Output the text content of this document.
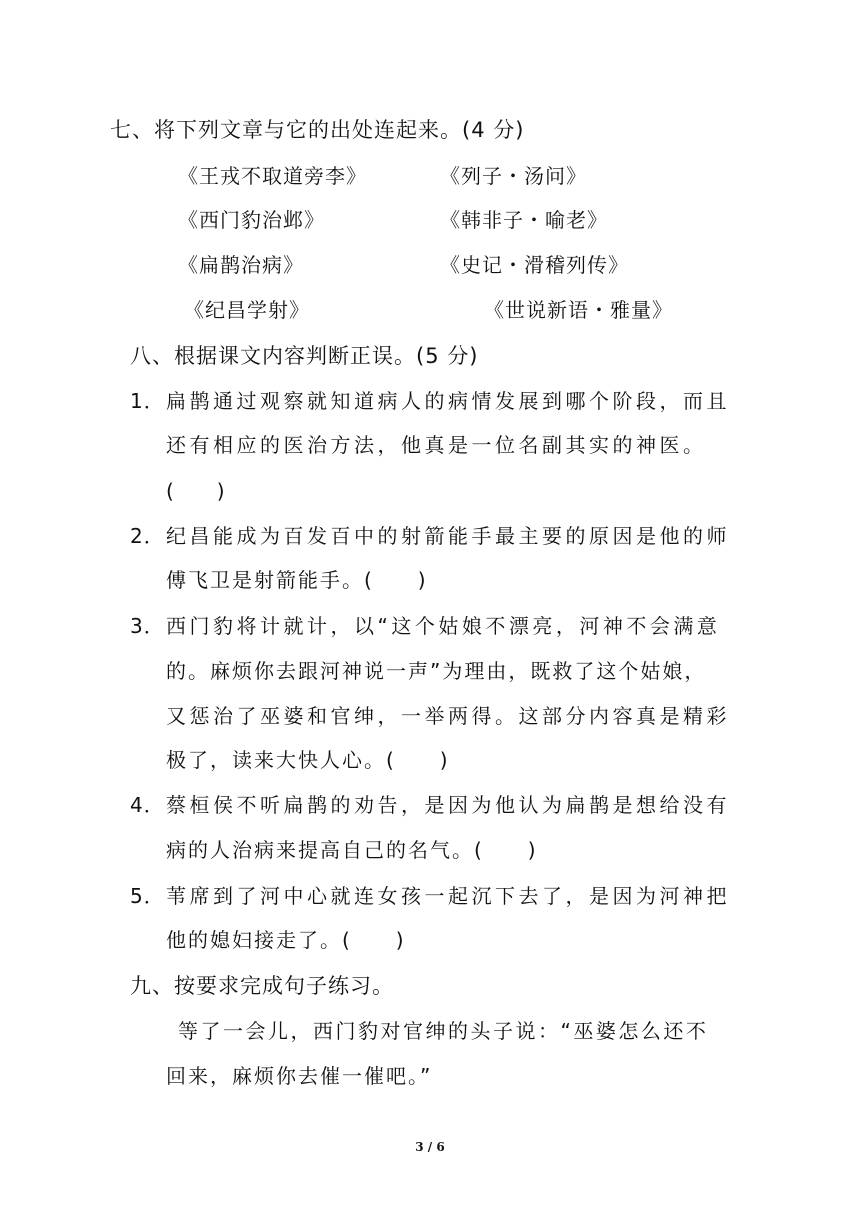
七、将下列文章与它的出处连起来。(4 分)
《王戎不取道旁李》	《列子・汤问》
《西门豹治邺》	《韩非子・喻老》
《扁鹊治病》	《史记・滑稽列传》
《纪昌学射》	《世说新语・雅量》
八、根据课文内容判断正误。(5 分)
1． 扁鹊通过观察就知道病人的病情发展到哪个阶段，而且
还有相应的医治方法，他真是一位名副其实的神医。
(　　)
2． 纪昌能成为百发百中的射箭能手最主要的原因是他的师
傅飞卫是射箭能手。(　　)
3． 西门豹将计就计，以“这个姑娘不漂亮，河神不会满意
的。麻烦你去跟河神说一声”为理由，既救了这个姑娘，
又惩治了巫婆和官绅，一举两得。这部分内容真是精彩
极了，读来大快人心。(　　)
4． 蔡桓侯不听扁鹊的劝告，是因为他认为扁鹊是想给没有
病的人治病来提高自己的名气。(　　)
5． 苇席到了河中心就连女孩一起沉下去了，是因为河神把
他的媳妇接走了。(　　)
九、按要求完成句子练习。
等了一会儿，西门豹对官绅的头子说：“巫婆怎么还不
回来，麻烦你去催一催吧。”
3 / 6
